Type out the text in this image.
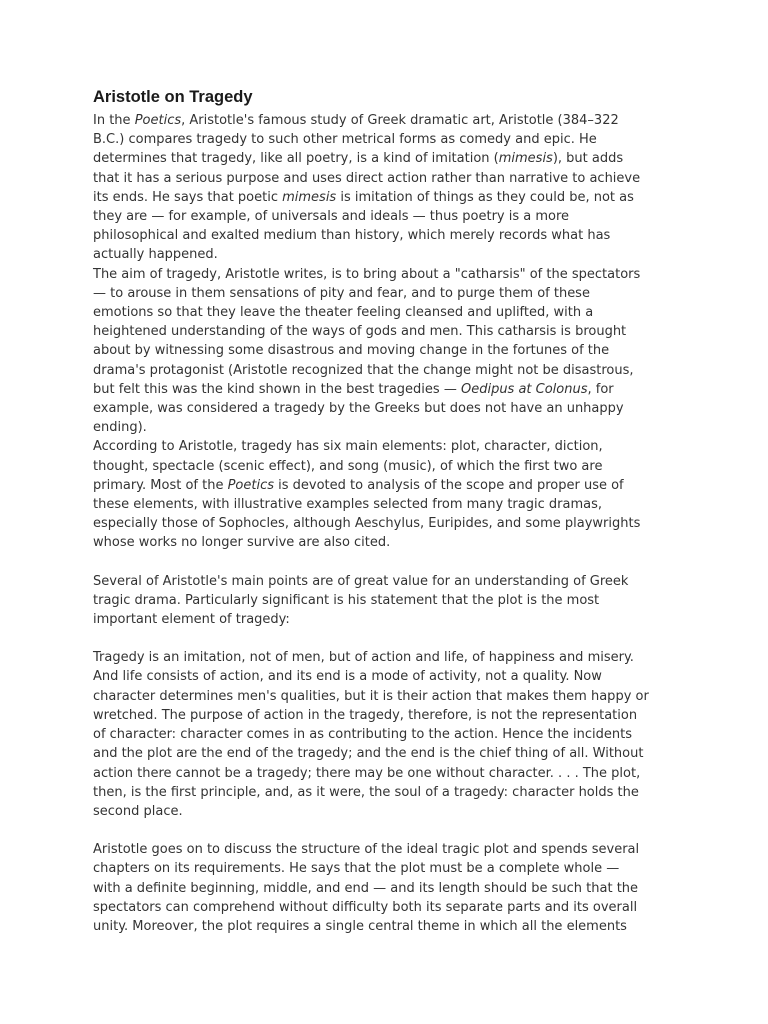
Aristotle on Tragedy

In the Poetics, Aristotle's famous study of Greek dramatic art, Aristotle (384–322
B.C.) compares tragedy to such other metrical forms as comedy and epic. He
determines that tragedy, like all poetry, is a kind of imitation (mimesis), but adds
that it has a serious purpose and uses direct action rather than narrative to achieve
its ends. He says that poetic mimesis is imitation of things as they could be, not as
they are — for example, of universals and ideals — thus poetry is a more
philosophical and exalted medium than history, which merely records what has
actually happened.

The aim of tragedy, Aristotle writes, is to bring about a "catharsis" of the spectators
— to arouse in them sensations of pity and fear, and to purge them of these
emotions so that they leave the theater feeling cleansed and uplifted, with a
heightened understanding of the ways of gods and men. This catharsis is brought
about by witnessing some disastrous and moving change in the fortunes of the
drama's protagonist (Aristotle recognized that the change might not be disastrous,
but felt this was the kind shown in the best tragedies — Oedipus at Colonus, for
example, was considered a tragedy by the Greeks but does not have an unhappy
ending).

According to Aristotle, tragedy has six main elements: plot, character, diction,
thought, spectacle (scenic effect), and song (music), of which the first two are
primary. Most of the Poetics is devoted to analysis of the scope and proper use of
these elements, with illustrative examples selected from many tragic dramas,
especially those of Sophocles, although Aeschylus, Euripides, and some playwrights
whose works no longer survive are also cited.

Several of Aristotle's main points are of great value for an understanding of Greek
tragic drama. Particularly significant is his statement that the plot is the most
important element of tragedy:

Tragedy is an imitation, not of men, but of action and life, of happiness and misery.
And life consists of action, and its end is a mode of activity, not a quality. Now
character determines men's qualities, but it is their action that makes them happy or
wretched. The purpose of action in the tragedy, therefore, is not the representation
of character: character comes in as contributing to the action. Hence the incidents
and the plot are the end of the tragedy; and the end is the chief thing of all. Without
action there cannot be a tragedy; there may be one without character. . . . The plot,
then, is the first principle, and, as it were, the soul of a tragedy: character holds the
second place.

Aristotle goes on to discuss the structure of the ideal tragic plot and spends several
chapters on its requirements. He says that the plot must be a complete whole —
with a definite beginning, middle, and end — and its length should be such that the
spectators can comprehend without difficulty both its separate parts and its overall
unity. Moreover, the plot requires a single central theme in which all the elements
